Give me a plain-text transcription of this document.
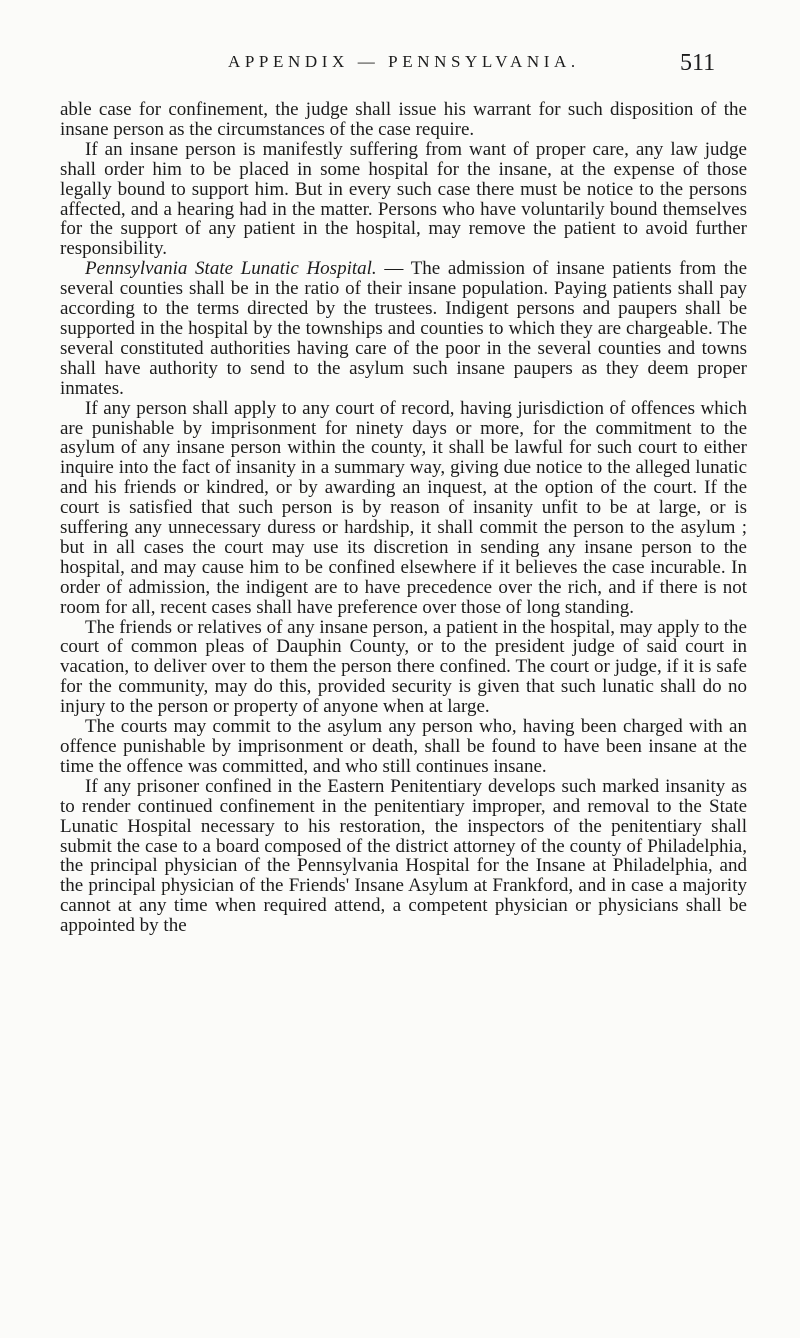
APPENDIX — PENNSYLVANIA.	511

able case for confinement, the judge shall issue his warrant for such disposition of the insane person as the circumstances of the case require.

If an insane person is manifestly suffering from want of proper care, any law judge shall order him to be placed in some hospital for the insane, at the expense of those legally bound to support him. But in every such case there must be notice to the persons affected, and a hearing had in the matter. Persons who have voluntarily bound themselves for the support of any patient in the hospital, may remove the patient to avoid further responsibility.

Pennsylvania State Lunatic Hospital. — The admission of insane patients from the several counties shall be in the ratio of their insane population. Paying patients shall pay according to the terms directed by the trustees. Indigent persons and paupers shall be supported in the hospital by the townships and counties to which they are chargeable. The several constituted authorities having care of the poor in the several counties and towns shall have authority to send to the asylum such insane paupers as they deem proper inmates.

If any person shall apply to any court of record, having jurisdiction of offences which are punishable by imprisonment for ninety days or more, for the commitment to the asylum of any insane person within the county, it shall be lawful for such court to either inquire into the fact of insanity in a summary way, giving due notice to the alleged lunatic and his friends or kindred, or by awarding an inquest, at the option of the court. If the court is satisfied that such person is by reason of insanity unfit to be at large, or is suffering any unnecessary duress or hardship, it shall commit the person to the asylum ; but in all cases the court may use its discretion in sending any insane person to the hospital, and may cause him to be confined elsewhere if it believes the case incurable. In order of admission, the indigent are to have precedence over the rich, and if there is not room for all, recent cases shall have preference over those of long standing.

The friends or relatives of any insane person, a patient in the hospital, may apply to the court of common pleas of Dauphin County, or to the president judge of said court in vacation, to deliver over to them the person there confined. The court or judge, if it is safe for the community, may do this, provided security is given that such lunatic shall do no injury to the person or property of anyone when at large.

The courts may commit to the asylum any person who, having been charged with an offence punishable by imprisonment or death, shall be found to have been insane at the time the offence was committed, and who still continues insane.

If any prisoner confined in the Eastern Penitentiary develops such marked insanity as to render continued confinement in the penitentiary improper, and removal to the State Lunatic Hospital necessary to his restoration, the inspectors of the penitentiary shall submit the case to a board composed of the district attorney of the county of Philadelphia, the principal physician of the Pennsylvania Hospital for the Insane at Philadelphia, and the principal physician of the Friends' Insane Asylum at Frankford, and in case a majority cannot at any time when required attend, a competent physician or physicians shall be appointed by the
